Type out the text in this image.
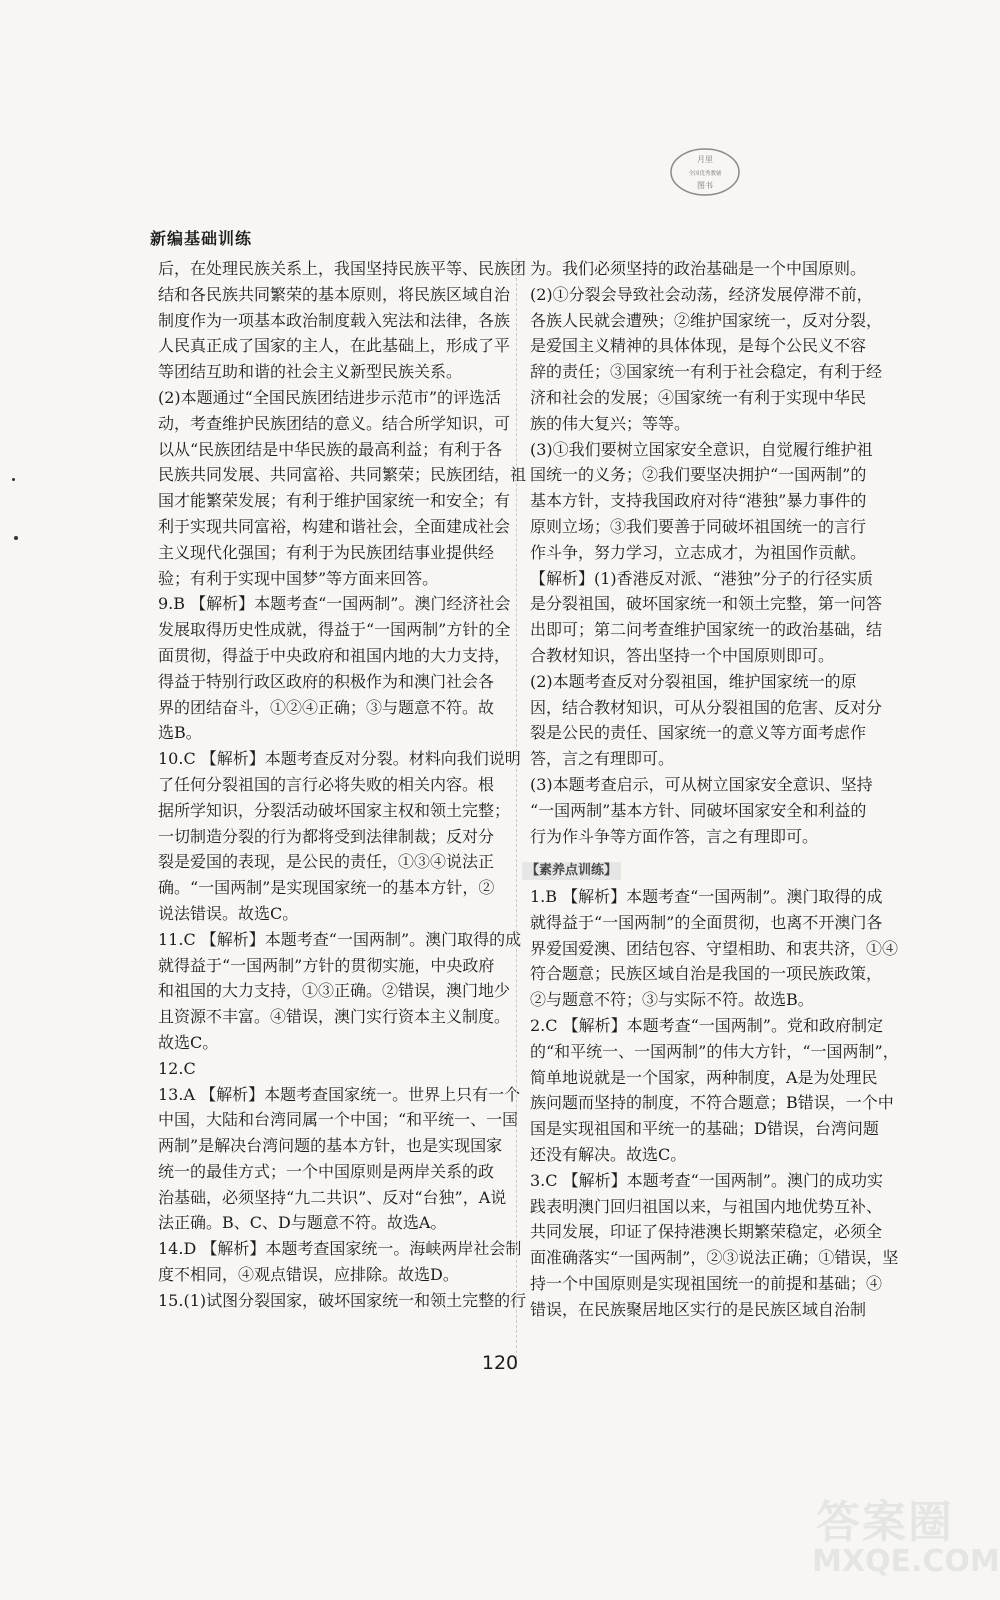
月里
全国优秀教辅
图书
新编基础训练
后，在处理民族关系上，我国坚持民族平等、民族团
结和各民族共同繁荣的基本原则，将民族区域自治
制度作为一项基本政治制度载入宪法和法律，各族
人民真正成了国家的主人，在此基础上，形成了平
等团结互助和谐的社会主义新型民族关系。
(2)本题通过“全国民族团结进步示范市”的评选活
动，考查维护民族团结的意义。结合所学知识，可
以从“民族团结是中华民族的最高利益；有利于各
民族共同发展、共同富裕、共同繁荣；民族团结，祖
国才能繁荣发展；有利于维护国家统一和安全；有
利于实现共同富裕，构建和谐社会，全面建成社会
主义现代化强国；有利于为民族团结事业提供经
验；有利于实现中国梦”等方面来回答。
9.B 【解析】本题考查“一国两制”。澳门经济社会
发展取得历史性成就，得益于“一国两制”方针的全
面贯彻，得益于中央政府和祖国内地的大力支持，
得益于特别行政区政府的积极作为和澳门社会各
界的团结奋斗，①②④正确；③与题意不符。故
选B。
10.C 【解析】本题考查反对分裂。材料向我们说明
了任何分裂祖国的言行必将失败的相关内容。根
据所学知识，分裂活动破坏国家主权和领土完整；
一切制造分裂的行为都将受到法律制裁；反对分
裂是爱国的表现，是公民的责任，①③④说法正
确。“一国两制”是实现国家统一的基本方针，②
说法错误。故选C。
11.C 【解析】本题考查“一国两制”。澳门取得的成
就得益于“一国两制”方针的贯彻实施，中央政府
和祖国的大力支持，①③正确。②错误，澳门地少
且资源不丰富。④错误，澳门实行资本主义制度。
故选C。
12.C
13.A 【解析】本题考查国家统一。世界上只有一个
中国，大陆和台湾同属一个中国；“和平统一、一国
两制”是解决台湾问题的基本方针，也是实现国家
统一的最佳方式；一个中国原则是两岸关系的政
治基础，必须坚持“九二共识”、反对“台独”，A说
法正确。B、C、D与题意不符。故选A。
14.D 【解析】本题考查国家统一。海峡两岸社会制
度不相同，④观点错误，应排除。故选D。
15.(1)试图分裂国家，破坏国家统一和领土完整的行
为。我们必须坚持的政治基础是一个中国原则。
(2)①分裂会导致社会动荡，经济发展停滞不前，
各族人民就会遭殃；②维护国家统一，反对分裂，
是爱国主义精神的具体体现，是每个公民义不容
辞的责任；③国家统一有利于社会稳定，有利于经
济和社会的发展；④国家统一有利于实现中华民
族的伟大复兴；等等。
(3)①我们要树立国家安全意识，自觉履行维护祖
国统一的义务；②我们要坚决拥护“一国两制”的
基本方针，支持我国政府对待“港独”暴力事件的
原则立场；③我们要善于同破坏祖国统一的言行
作斗争，努力学习，立志成才，为祖国作贡献。
【解析】(1)香港反对派、“港独”分子的行径实质
是分裂祖国，破坏国家统一和领土完整，第一问答
出即可；第二问考查维护国家统一的政治基础，结
合教材知识，答出坚持一个中国原则即可。
(2)本题考查反对分裂祖国，维护国家统一的原
因，结合教材知识，可从分裂祖国的危害、反对分
裂是公民的责任、国家统一的意义等方面考虑作
答，言之有理即可。
(3)本题考查启示，可从树立国家安全意识、坚持
“一国两制”基本方针、同破坏国家安全和利益的
行为作斗争等方面作答，言之有理即可。
【素养点训练】
1.B 【解析】本题考查“一国两制”。澳门取得的成
就得益于“一国两制”的全面贯彻，也离不开澳门各
界爱国爱澳、团结包容、守望相助、和衷共济，①④
符合题意；民族区域自治是我国的一项民族政策，
②与题意不符；③与实际不符。故选B。
2.C 【解析】本题考查“一国两制”。党和政府制定
的“和平统一、一国两制”的伟大方针，“一国两制”，
简单地说就是一个国家，两种制度，A是为处理民
族问题而坚持的制度，不符合题意；B错误，一个中
国是实现祖国和平统一的基础；D错误，台湾问题
还没有解决。故选C。
3.C 【解析】本题考查“一国两制”。澳门的成功实
践表明澳门回归祖国以来，与祖国内地优势互补、
共同发展，印证了保持港澳长期繁荣稳定，必须全
面准确落实“一国两制”，②③说法正确；①错误，坚
持一个中国原则是实现祖国统一的前提和基础；④
错误，在民族聚居地区实行的是民族区域自治制
120
答案圈
MXQE.COM
